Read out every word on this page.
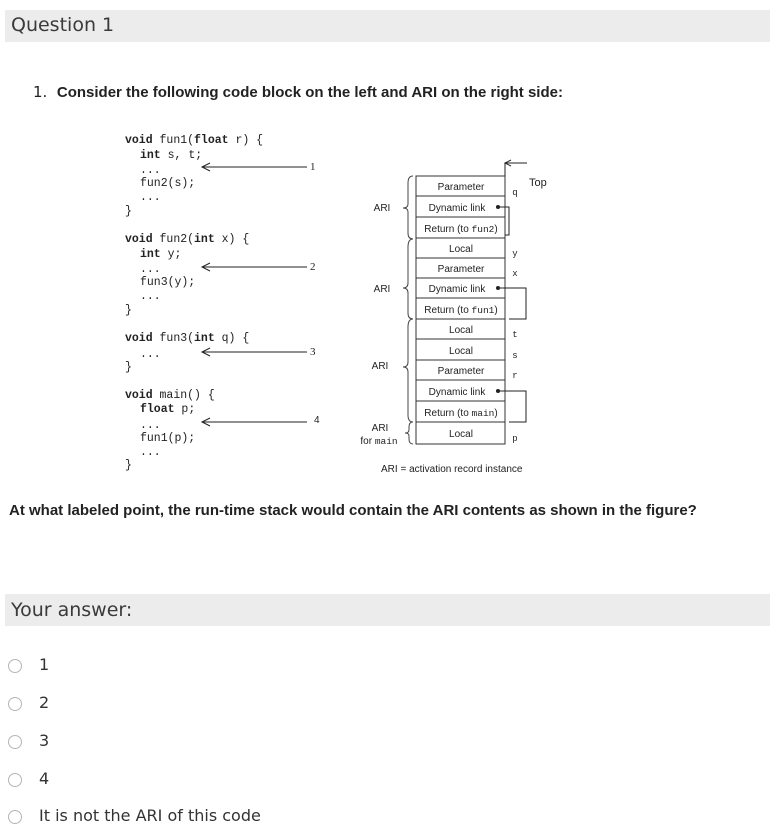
Question 1
1. Consider the following code block on the left and ARI on the right side:
void fun1(float r) {
int s, t;
...
fun2(s);
...
}
void fun2(int x) {
int y;
...
fun3(y);
...
}
void fun3(int q) {
...
}
void main() {
float p;
...
fun1(p);
...
}
1
2
3
4
Parameter
Dynamic link
Return (to fun2)
Local
Parameter
Dynamic link
Return (to fun1)
Local
Local
Parameter
Dynamic link
Return (to main)
Local
Top
q
y
x
t
s
r
p
ARI
ARI
ARI
ARI
for main
ARI = activation record instance
At what labeled point, the run-time stack would contain the ARI contents as shown in the figure?
Your answer:
1
2
3
4
It is not the ARI of this code
